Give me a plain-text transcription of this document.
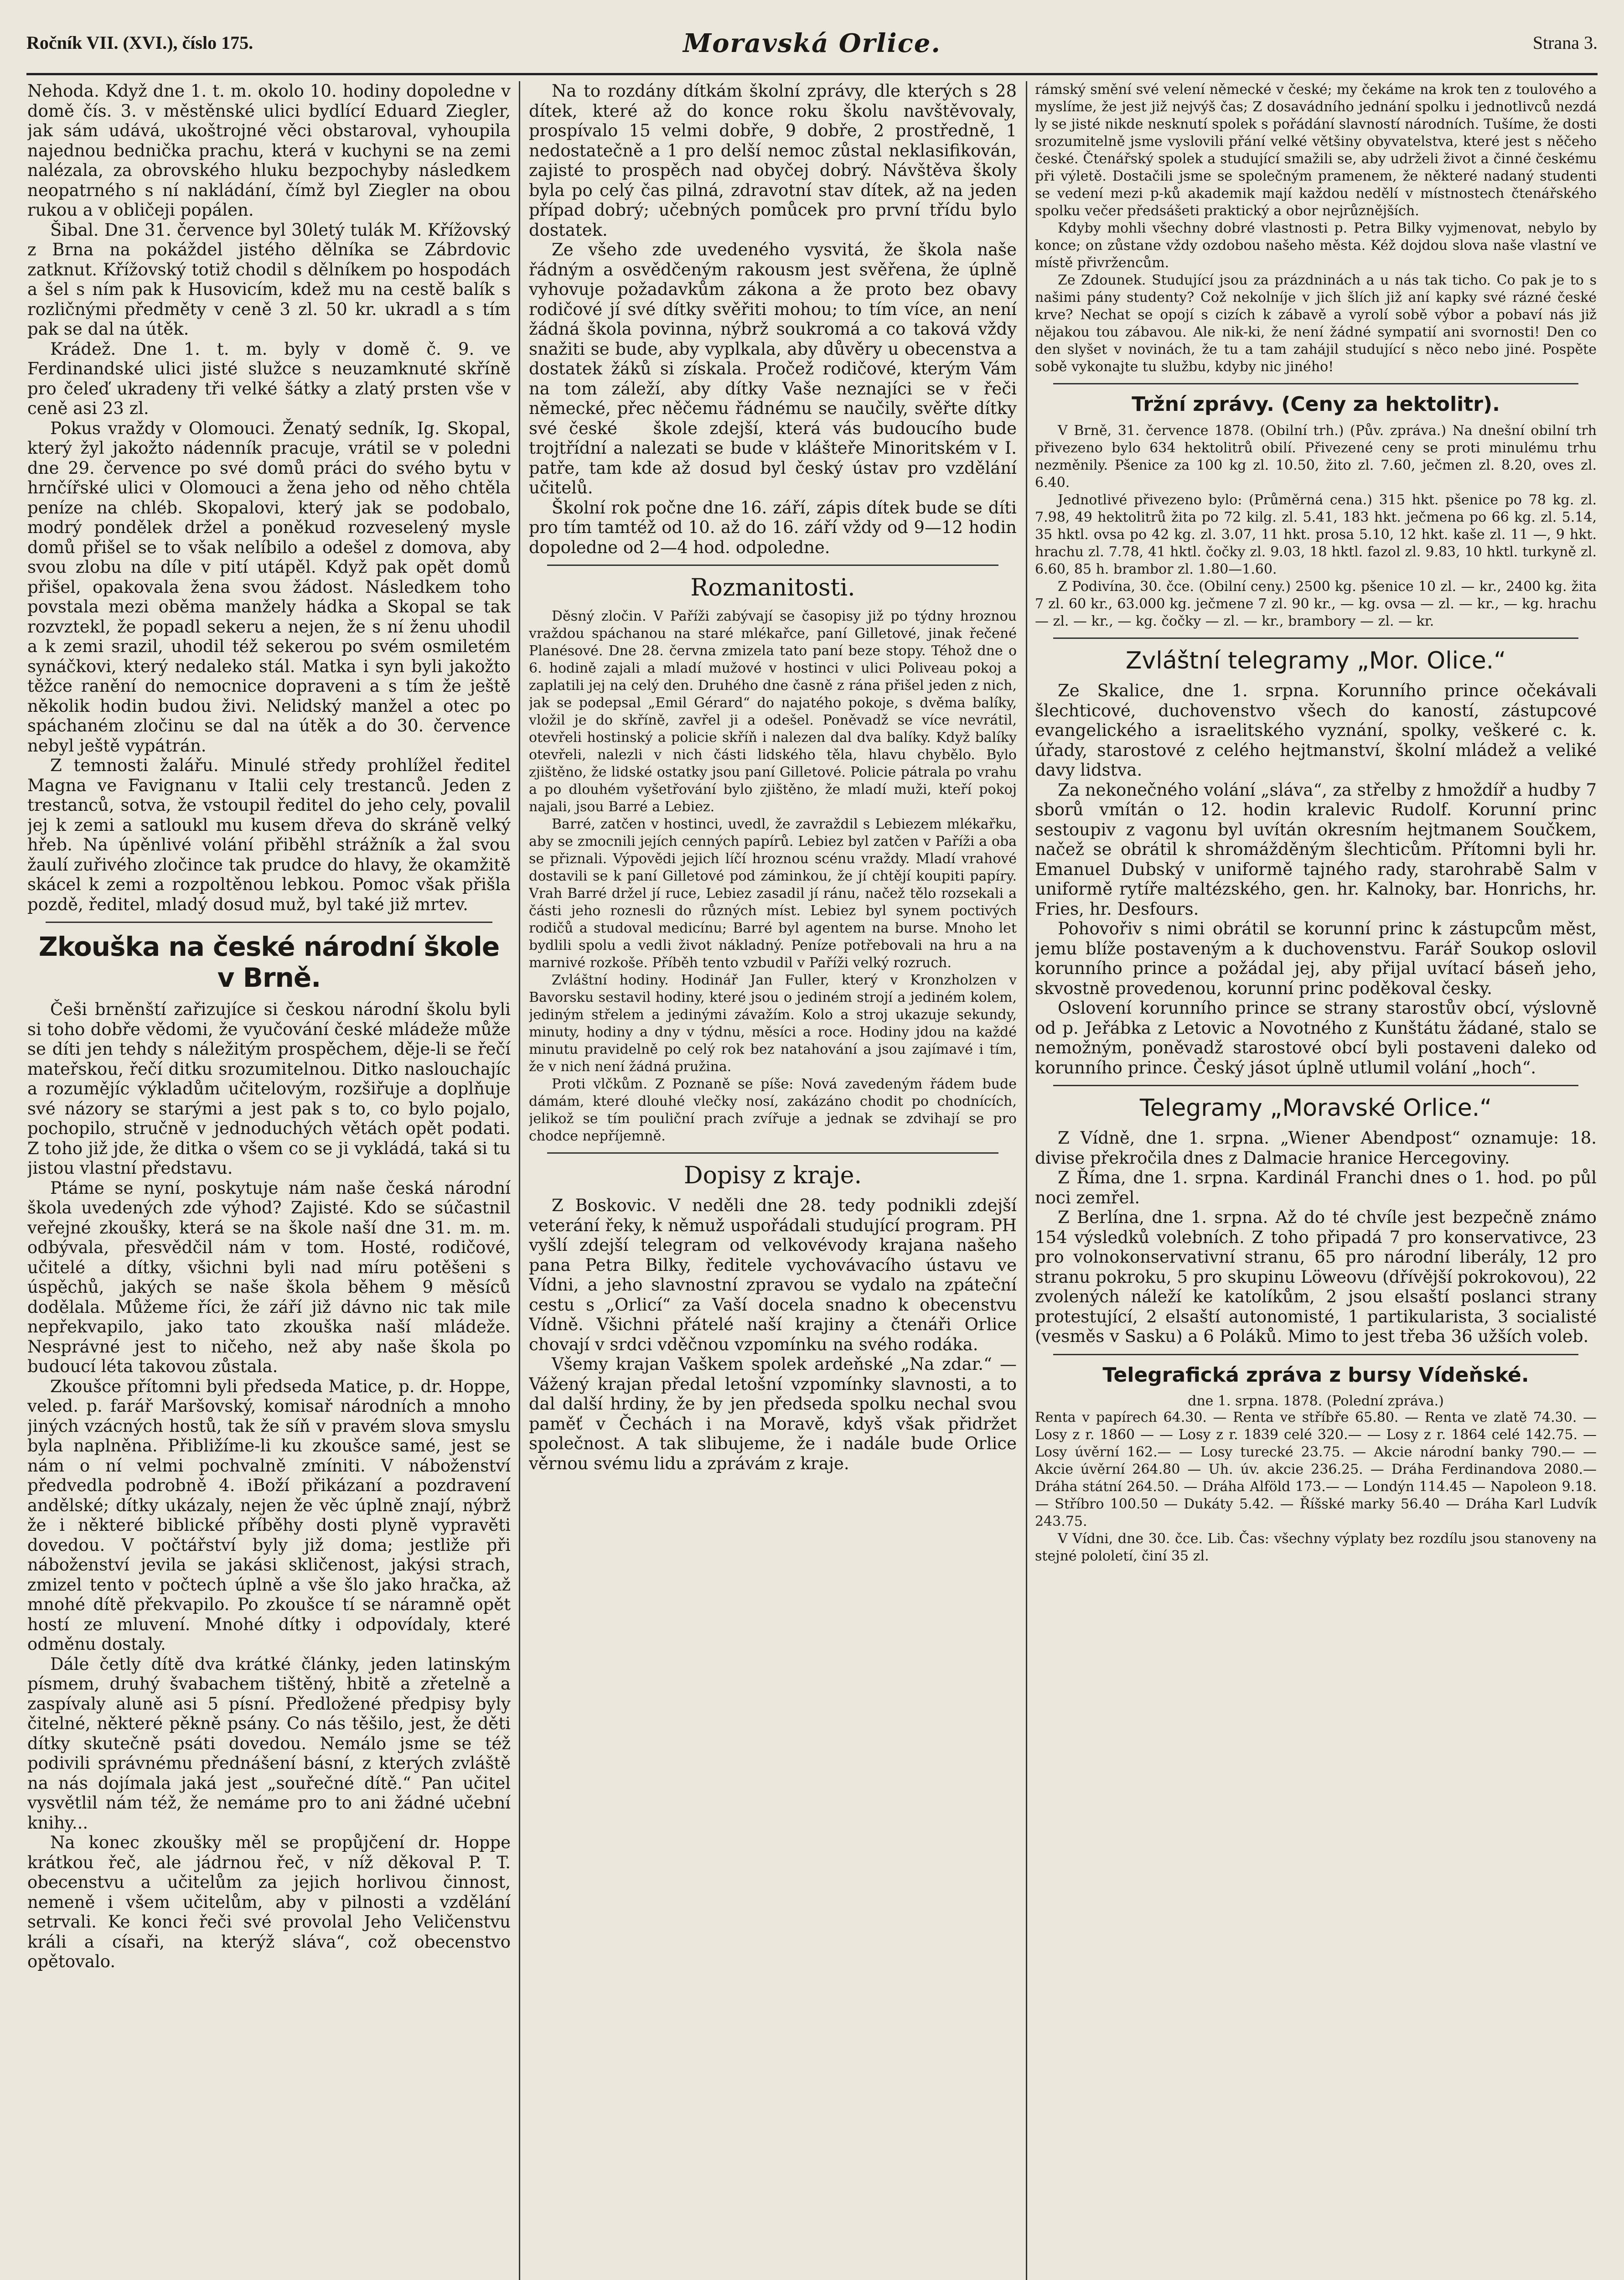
Ročník VII. (XVI.), číslo 175.	Moravská Orlice.	Strana 3.

Nehoda. Když dne 1. t. m. okolo 10. hodiny dopoledne v domě čís. 3. v městěnské ulici bydlící Eduard Ziegler, jak sám udává, ukoštrojné věci obstaroval, vyhoupila najednou bednička prachu, která v kuchyni se na zemi nalézala, za obrovského hluku bezpochyby následkem neopatrného s ní nakládání, čímž byl Ziegler na obou rukou a v obličeji popálen.

Šibal. Dne 31. července byl 30letý tulák M. Křížovský z Brna na pokáždel jistého dělníka se Zábrdovic zatknut. Křížovský totiž chodil s dělníkem po hospodách a šel s ním pak k Husovicím, kdež mu na cestě balík s rozličnými předměty v ceně 3 zl. 50 kr. ukradl a s tím pak se dal na útěk.

Krádež. Dne 1. t. m. byly v domě č. 9. ve Ferdinandské ulici jisté služce s neuzamknuté skříně pro čeleď ukradeny tři velké šátky a zlatý prsten vše v ceně asi 23 zl.

Pokus vraždy v Olomouci. Ženatý sedník, Ig. Skopal, který žyl jakožto nádenník pracuje, vrátil se v poledni dne 29. července po své domů práci do svého bytu v hrnčířské ulici v Olomouci a žena jeho od něho chtěla peníze na chléb. Skopalovi, který jak se podobalo, modrý pondělek držel a poněkud rozveselený mysle domů přišel se to však nelíbilo a odešel z domova, aby svou zlobu na díle v pití utápěl. Když pak opět domů přišel, opakovala žena svou žádost. Následkem toho povstala mezi oběma manžely hádka a Skopal se tak rozvztekl, že popadl sekeru a nejen, že s ní ženu uhodil a k zemi srazil, uhodil též sekerou po svém osmiletém synáčkovi, který nedaleko stál. Matka i syn byli jakožto těžce ranění do nemocnice dopraveni a s tím že ještě několik hodin budou živi. Nelidský manžel a otec po spáchaném zločinu se dal na útěk a do 30. července nebyl ještě vypátrán.

Z temnosti žalářu. Minulé středy prohlížel ředitel Magna ve Favignanu v Italii cely trestanců. Jeden z trestanců, sotva, že vstoupil ředitel do jeho cely, povalil jej k zemi a satloukl mu kusem dřeva do skráně velký hřeb. Na úpěnlivé volání přiběhl strážník a žal svou žaulí zuřivého zločince tak prudce do hlavy, že okamžitě skácel k zemi a rozpoltěnou lebkou. Pomoc však přišla pozdě, ředitel, mladý dosud muž, byl také již mrtev.

Zkouška na české národní škole v Brně.

Češi brněnští zařizujíce si českou národní školu byli si toho dobře vědomi, že vyučování české mládeže může se díti jen tehdy s náležitým prospěchem, děje-li se řečí mateřskou, řečí ditku srozumitelnou. Ditko naslouchajíc a rozumějíc výkladům učitelovým, rozšiřuje a doplňuje své názory se starými a jest pak s to, co bylo pojalo, pochopilo, stručně v jednoduchých větách opět podati. Z toho již jde, že ditka o všem co se ji vykládá, taká si tu jistou vlastní představu.

Ptáme se nyní, poskytuje nám naše česká národní škola uvedených zde výhod? Zajisté. Kdo se súčastnil veřejné zkoušky, která se na škole naší dne 31. m. m. odbývala, přesvědčil nám v tom. Hosté, rodičové, učitelé a dítky, všichni byli nad míru potěšeni s úspěchů, jakých se naše škola během 9 měsíců dodělala. Můžeme říci, že září již dávno nic tak mile nepřekvapilo, jako tato zkouška naší mládeže. Nesprávné jest to ničeho, než aby naše škola po budoucí léta takovou zůstala.

Zkoušce přítomni byli předseda Matice, p. dr. Hoppe, veled. p. farář Maršovský, komisař národních a mnoho jiných vzácných hostů, tak že síň v pravém slova smyslu byla naplněna. Přibližíme-li ku zkoušce samé, jest se nám o ní velmi pochvalně zmíniti. V náboženství předvedla podrobně 4. iBoží přikázaní a pozdravení andělské; dítky ukázaly, nejen že věc úplně znají, nýbrž že i některé biblické příběhy dosti plyně vypravěti dovedou. V počtářství byly již doma; jestliže při náboženství jevila se jakási skličenost, jakýsi strach, zmizel tento v počtech úplně a vše šlo jako hračka, až mnohé dítě překvapilo. Po zkoušce tí se náramně opět hostí ze mluvení. Mnohé dítky i odpovídaly, které odměnu dostaly.

Dále četly dítě dva krátké články, jeden latinským písmem, druhý švabachem tištěný, hbitě a zřetelně a zaspívaly aluně asi 5 písní. Předložené předpisy byly čitelné, některé pěkně psány. Co nás těšilo, jest, že děti dítky skutečně psáti dovedou. Nemálo jsme se též podivili správnému přednášení básní, z kterých zvláště na nás dojímala jaká jest „souřečné dítě.“ Pan učitel vysvětlil nám též, že nemáme pro to ani žádné učební knihy...

Na konec zkoušky měl se propůjčení dr. Hoppe krátkou řeč, ale jádrnou řeč, v níž děkoval P. T. obecenstvu a učitelům za jejich horlivou činnost, nemeně i všem učitelům, aby v pilnosti a vzdělání setrvali. Ke konci řeči své provolal Jeho Veličenstvu králi a císaři, na kterýž sláva“, což obecenstvo opětovalo.

Na to rozdány dítkám školní zprávy, dle kterých s 28 dítek, které až do konce roku školu navštěvovaly, prospívalo 15 velmi dobře, 9 dobře, 2 prostředně, 1 nedostatečně a 1 pro delší nemoc zůstal neklasifikován, zajisté to prospěch nad obyčej dobrý. Návštěva školy byla po celý čas pilná, zdravotní stav dítek, až na jeden případ dobrý; učebných pomůcek pro první třídu bylo dostatek.

Ze všeho zde uvedeného vysvitá, že škola naše řádným a osvědčeným rakousm jest svěřena, že úplně vyhovuje požadavkům zákona a že proto bez obavy rodičové jí své dítky svěřiti mohou; to tím více, an není žádná škola povinna, nýbrž soukromá a co taková vždy snažiti se bude, aby vyplkala, aby důvěry u obecenstva a dostatek žáků si získala. Pročež rodičové, kterým Vám na tom záleží, aby dítky Vaše neznajíci se v řeči německé, přec něčemu řádnému se naučily, svěřte dítky své české   škole zdejší, která vás budoucího bude trojtřídní a nalezati se bude v klášteře Minoritském v I. patře, tam kde až dosud byl český ústav pro vzdělání učitelů.

Školní rok počne dne 16. září, zápis dítek bude se díti pro tím tamtéž od 10. až do 16. září vždy od 9—12 hodin dopoledne od 2—4 hod. odpoledne.

Rozmanitosti.

Děsný zločin. V Paříži zabývají se časopisy již po týdny hroznou vraždou spáchanou na staré mlékařce, paní Gilletové, jinak řečené Planésové. Dne 28. června zmizela tato paní beze stopy. Téhož dne o 6. hodině zajali a mladí mužové v hostinci v ulici Poliveau pokoj a zaplatili jej na celý den. Druhého dne časně z rána přišel jeden z nich, jak se podepsal „Emil Gérard“ do najatého pokoje, s dvěma balíky, vložil je do skříně, zavřel ji a odešel. Poněvadž se více nevrátil, otevřeli hostinský a policie skříň i nalezen dal dva balíky. Když balíky otevřeli, nalezli v nich části lidského těla, hlavu chybělo. Bylo zjištěno, že lidské ostatky jsou paní Gilletové. Policie pátrala po vrahu a po dlouhém vyšetřování bylo zjištěno, že mladí muži, kteří pokoj najali, jsou Barré a Lebiez.

Barré, zatčen v hostinci, uvedl, že zavraždil s Lebiezem mlékařku, aby se zmocnili jejích cenných papírů. Lebiez byl zatčen v Paříži a oba se přiznali. Výpovědi jejich líčí hroznou scénu vraždy. Mladí vrahové dostavili se k paní Gilletové pod záminkou, že jí chtějí koupiti papíry. Vrah Barré držel jí ruce, Lebiez zasadil jí ránu, načež tělo rozsekali a části jeho roznesli do různých míst. Lebiez byl synem poctivých rodičů a studoval medicínu; Barré byl agentem na burse. Mnoho let bydlili spolu a vedli život nákladný. Peníze potřebovali na hru a na marnivé rozkoše. Příběh tento vzbudil v Paříži velký rozruch.

Zvláštní hodiny. Hodinář Jan Fuller, který v Kronzholzen v Bavorsku sestavil hodiny, které jsou o jediném strojí a jediném kolem, jediným střelem a jedinými závažím. Kolo a stroj ukazuje sekundy, minuty, hodiny a dny v týdnu, měsíci a roce. Hodiny jdou na každé minutu pravidelně po celý rok bez natahování a jsou zajímavé i tím, že v nich není žádná pružina.

Proti vlčkům. Z Poznaně se píše: Nová zavedeným řádem bude dámám, které dlouhé vlečky nosí, zakázáno chodit po chodnících, jelikož se tím pouliční prach zvířuje a jednak se zdvihají se pro chodce nepříjemně.

Dopisy z kraje.

Z Boskovic. V neděli dne 28. tedy podnikli zdejší veterání řeky, k němuž uspořádali studující program. PH vyšlí zdejší telegram od velkovévody krajana našeho pana Petra Bilky, ředitele vychovávacího ústavu ve Vídni, a jeho slavnostní zpravou se vydalo na zpáteční cestu s „Orlicí“ za Vaší docela snadno k obecenstvu Vídně. Všichni přátelé naší krajiny a čtenáři Orlice chovají v srdci vděčnou vzpomínku na svého rodáka.

Všemy krajan Vaškem spolek ardeňské „Na zdar.“ — Vážený krajan předal letošní vzpomínky slavnosti, a to dal další hrdiny, že by jen předseda spolku nechal svou paměť v Čechách i na Moravě, kdyš však přidržet společnost. A tak slibujeme, že i nadále bude Orlice věrnou svému lidu a zprávám z kraje.

rámský smění své velení německé v české; my čekáme na krok ten z toulového a myslíme, že jest již nejvýš čas; Z dosavádního jednání spolku i jednotlivců nezdá ly se jisté nikde nesknutí spolek s pořádání slavností národních. Tušíme, že dosti srozumitelně jsme vyslovili přání velké většiny obyvatelstva, které jest s něčeho české. Čtenářský spolek a studující smažili se, aby udrželi život a činné českému při výletě. Dostačili jsme se společným pramenem, že některé nadaný studenti se vedení mezi p-ků akademik mají každou nedělí v místnostech čtenářského spolku večer předsášeti praktický a obor nejrůznějších.

Kdyby mohli všechny dobré vlastnosti p. Petra Bilky vyjmenovat, nebylo by konce; on zůstane vždy ozdobou našeho města. Kéž dojdou slova naše vlastní ve místě přivržencům.

Ze Zdounek. Studující jsou za prázdninách a u nás tak ticho. Co pak je to s našimi pány studenty? Což nekolníje v jich šlích již aní kapky své rázné české krve? Nechat se opojí s cizích k zábavě a vyrolí sobě výbor a pobaví nás již nějakou tou zábavou. Ale nik-ki, že není žádné sympatií ani svornosti! Den co den slyšet v novinách, že tu a tam zahájil studující s něco nebo jiné. Pospěte sobě vykonajte tu službu, kdyby nic jiného!

Tržní zprávy. (Ceny za hektolitr).

V Brně, 31. července 1878. (Obilní trh.) (Pův. zpráva.) Na dnešní obilní trh přivezeno bylo 634 hektolitrů obilí. Přivezené ceny se proti minulému trhu nezměnily. Pšenice za 100 kg zl. 10.50, žito zl. 7.60, ječmen zl. 8.20, oves zl. 6.40.

Jednotlivé přivezeno bylo: (Průměrná cena.) 315 hkt. pšenice po 78 kg. zl. 7.98, 49 hektolitrů žita po 72 kilg. zl. 5.41, 183 hkt. ječmena po 66 kg. zl. 5.14, 35 hktl. ovsa po 42 kg. zl. 3.07, 11 hkt. prosa 5.10, 12 hkt. kaše zl. 11 —, 9 hkt. hrachu zl. 7.78, 41 hktl. čočky zl. 9.03, 18 hktl. fazol zl. 9.83, 10 hktl. turkyně zl. 6.60, 85 h. brambor zl. 1.80—1.60.

Z Podivína, 30. čce. (Obilní ceny.) 2500 kg. pšenice 10 zl. — kr., 2400 kg. žita 7 zl. 60 kr., 63.000 kg. ječmene 7 zl. 90 kr., — kg. ovsa — zl. — kr., — kg. hrachu — zl. — kr., — kg. čočky — zl. — kr., brambory — zl. — kr.

Zvláštní telegramy „Mor. Olice.“

Ze Skalice, dne 1. srpna. Korunního prince očekávali šlechticové, duchovenstvo všech do kaností, zástupcové evangelického a israelitského vyznání, spolky, veškeré c. k. úřady, starostové z celého hejtmanství, školní mládež a veliké davy lidstva.

Za nekonečného volání „sláva“, za střelby z hmoždíř a hudby 7 sborů vmítán o 12. hodin kralevic Rudolf. Korunní princ sestoupiv z vagonu byl uvítán okresním hejtmanem Součkem, načež se obrátil k shromážděným šlechticům. Přítomni byli hr. Emanuel Dubský v uniformě tajného rady, starohrabě Salm v uniformě rytíře maltézského, gen. hr. Kalnoky, bar. Honrichs, hr. Fries, hr. Desfours.

Pohovořiv s nimi obrátil se korunní princ k zástupcům měst, jemu blíže postaveným a k duchovenstvu. Farář Soukop oslovil korunního prince a požádal jej, aby přijal uvítací báseň jeho, skvostně provedenou, korunní princ poděkoval česky.

Oslovení korunního prince se strany starostův obcí, výslovně od p. Jeřábka z Letovic a Novotného z Kunštátu žádané, stalo se nemožným, poněvadž starostové obcí byli postaveni daleko od korunního prince. Český jásot úplně utlumil volání „hoch“.

Telegramy „Moravské Orlice.“

Z Vídně, dne 1. srpna. „Wiener Abendpost“ oznamuje: 18. divise překročila dnes z Dalmacie hranice Hercegoviny.

Z Říma, dne 1. srpna. Kardinál Franchi dnes o 1. hod. po půl noci zemřel.

Z Berlína, dne 1. srpna. Až do té chvíle jest bezpečně známo 154 výsledků volebních. Z toho připadá 7 pro konservativce, 23 pro volnokonservativní stranu, 65 pro národní liberály, 12 pro stranu pokroku, 5 pro skupinu Löweovu (dřívější pokrokovou), 22 zvolených náleží ke katolíkům, 2 jsou elsaští poslanci strany protestující, 2 elsaští autonomisté, 1 partikularista, 3 socialisté (vesměs v Sasku) a 6 Poláků. Mimo to jest třeba 36 užších voleb.

Telegrafická zpráva z bursy Vídeňské.
dne 1. srpna. 1878. (Polední zpráva.)

Renta v papírech 64.30. — Renta ve stříbře 65.80. — Renta ve zlatě 74.30. — Losy z r. 1860 — — Losy z r. 1839 celé 320.— — Losy z r. 1864 celé 142.75. — Losy úvěrní 162.— — Losy turecké 23.75. — Akcie národní banky 790.— — Akcie úvěrní 264.80 — Uh. úv. akcie 236.25. — Dráha Ferdinandova 2080.— Dráha státní 264.50. — Dráha Alföld 173.— — Londýn 114.45 — Napoleon 9.18. — Stříbro 100.50 — Dukáty 5.42. — Říšské marky 56.40 — Dráha Karl Ludvík 243.75.

V Vídni, dne 30. čce. Lib. Čas: všechny výplaty bez rozdílu jsou stanoveny na stejné pololetí, činí 35 zl.
